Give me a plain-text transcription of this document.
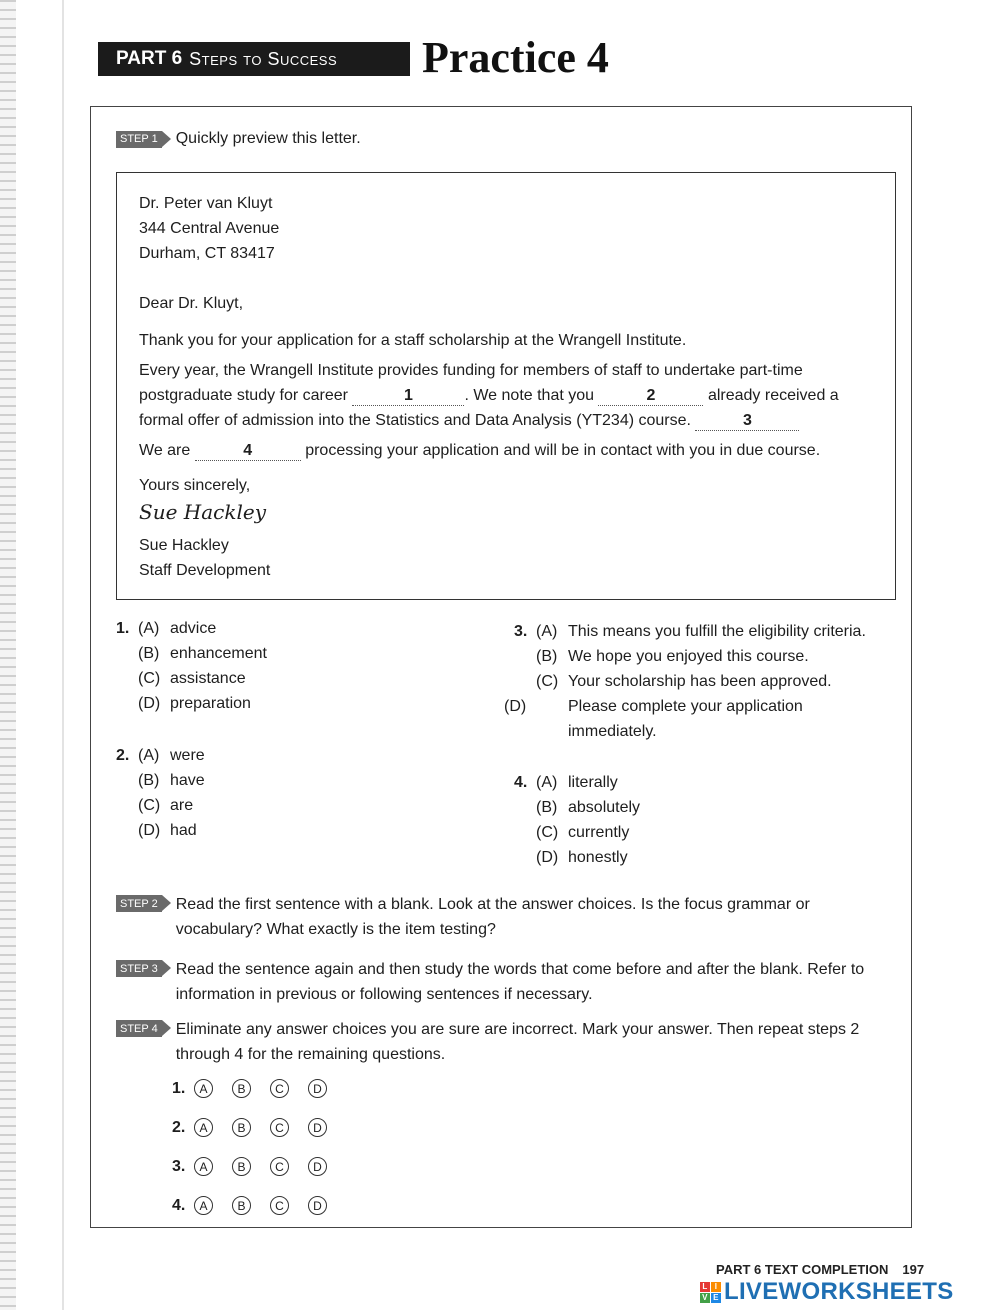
PART 6 Steps to Success Practice 4
STEP 1 Quickly preview this letter.
Dr. Peter van Kluyt
344 Central Avenue
Durham, CT 83417
Dear Dr. Kluyt,
Thank you for your application for a staff scholarship at the Wrangell Institute.
Every year, the Wrangell Institute provides funding for members of staff to undertake part-time postgraduate study for career	1	. We note that you	2	already received a formal offer of admission into the Statistics and Data Analysis (YT234) course.	3
We are	4	processing your application and will be in contact with you in due course.
Yours sincerely,
Sue Hackley
Sue Hackley
Staff Development
1. (A) advice
(B) enhancement
(C) assistance
(D) preparation
2. (A) were
(B) have
(C) are
(D) had
3. (A) This means you fulfill the eligibility criteria.
(B) We hope you enjoyed this course.
(C) Your scholarship has been approved.
(D)	Please complete your application immediately.
4. (A) literally
(B) absolutely
(C) currently
(D) honestly
STEP 2 Read the first sentence with a blank. Look at the answer choices. Is the focus grammar or vocabulary? What exactly is the item testing?
STEP 3 Read the sentence again and then study the words that come before and after the blank. Refer to information in previous or following sentences if necessary.
STEP 4 Eliminate any answer choices you are sure are incorrect. Mark your answer. Then repeat steps 2 through 4 for the remaining questions.
1.	A	B	C	D
2.	A	B	C	D
3.	A	B	C	D
4.	A	B	C	D
PART 6 TEXT COMPLETION 197
L I
V E LIVEWORKSHEETS
